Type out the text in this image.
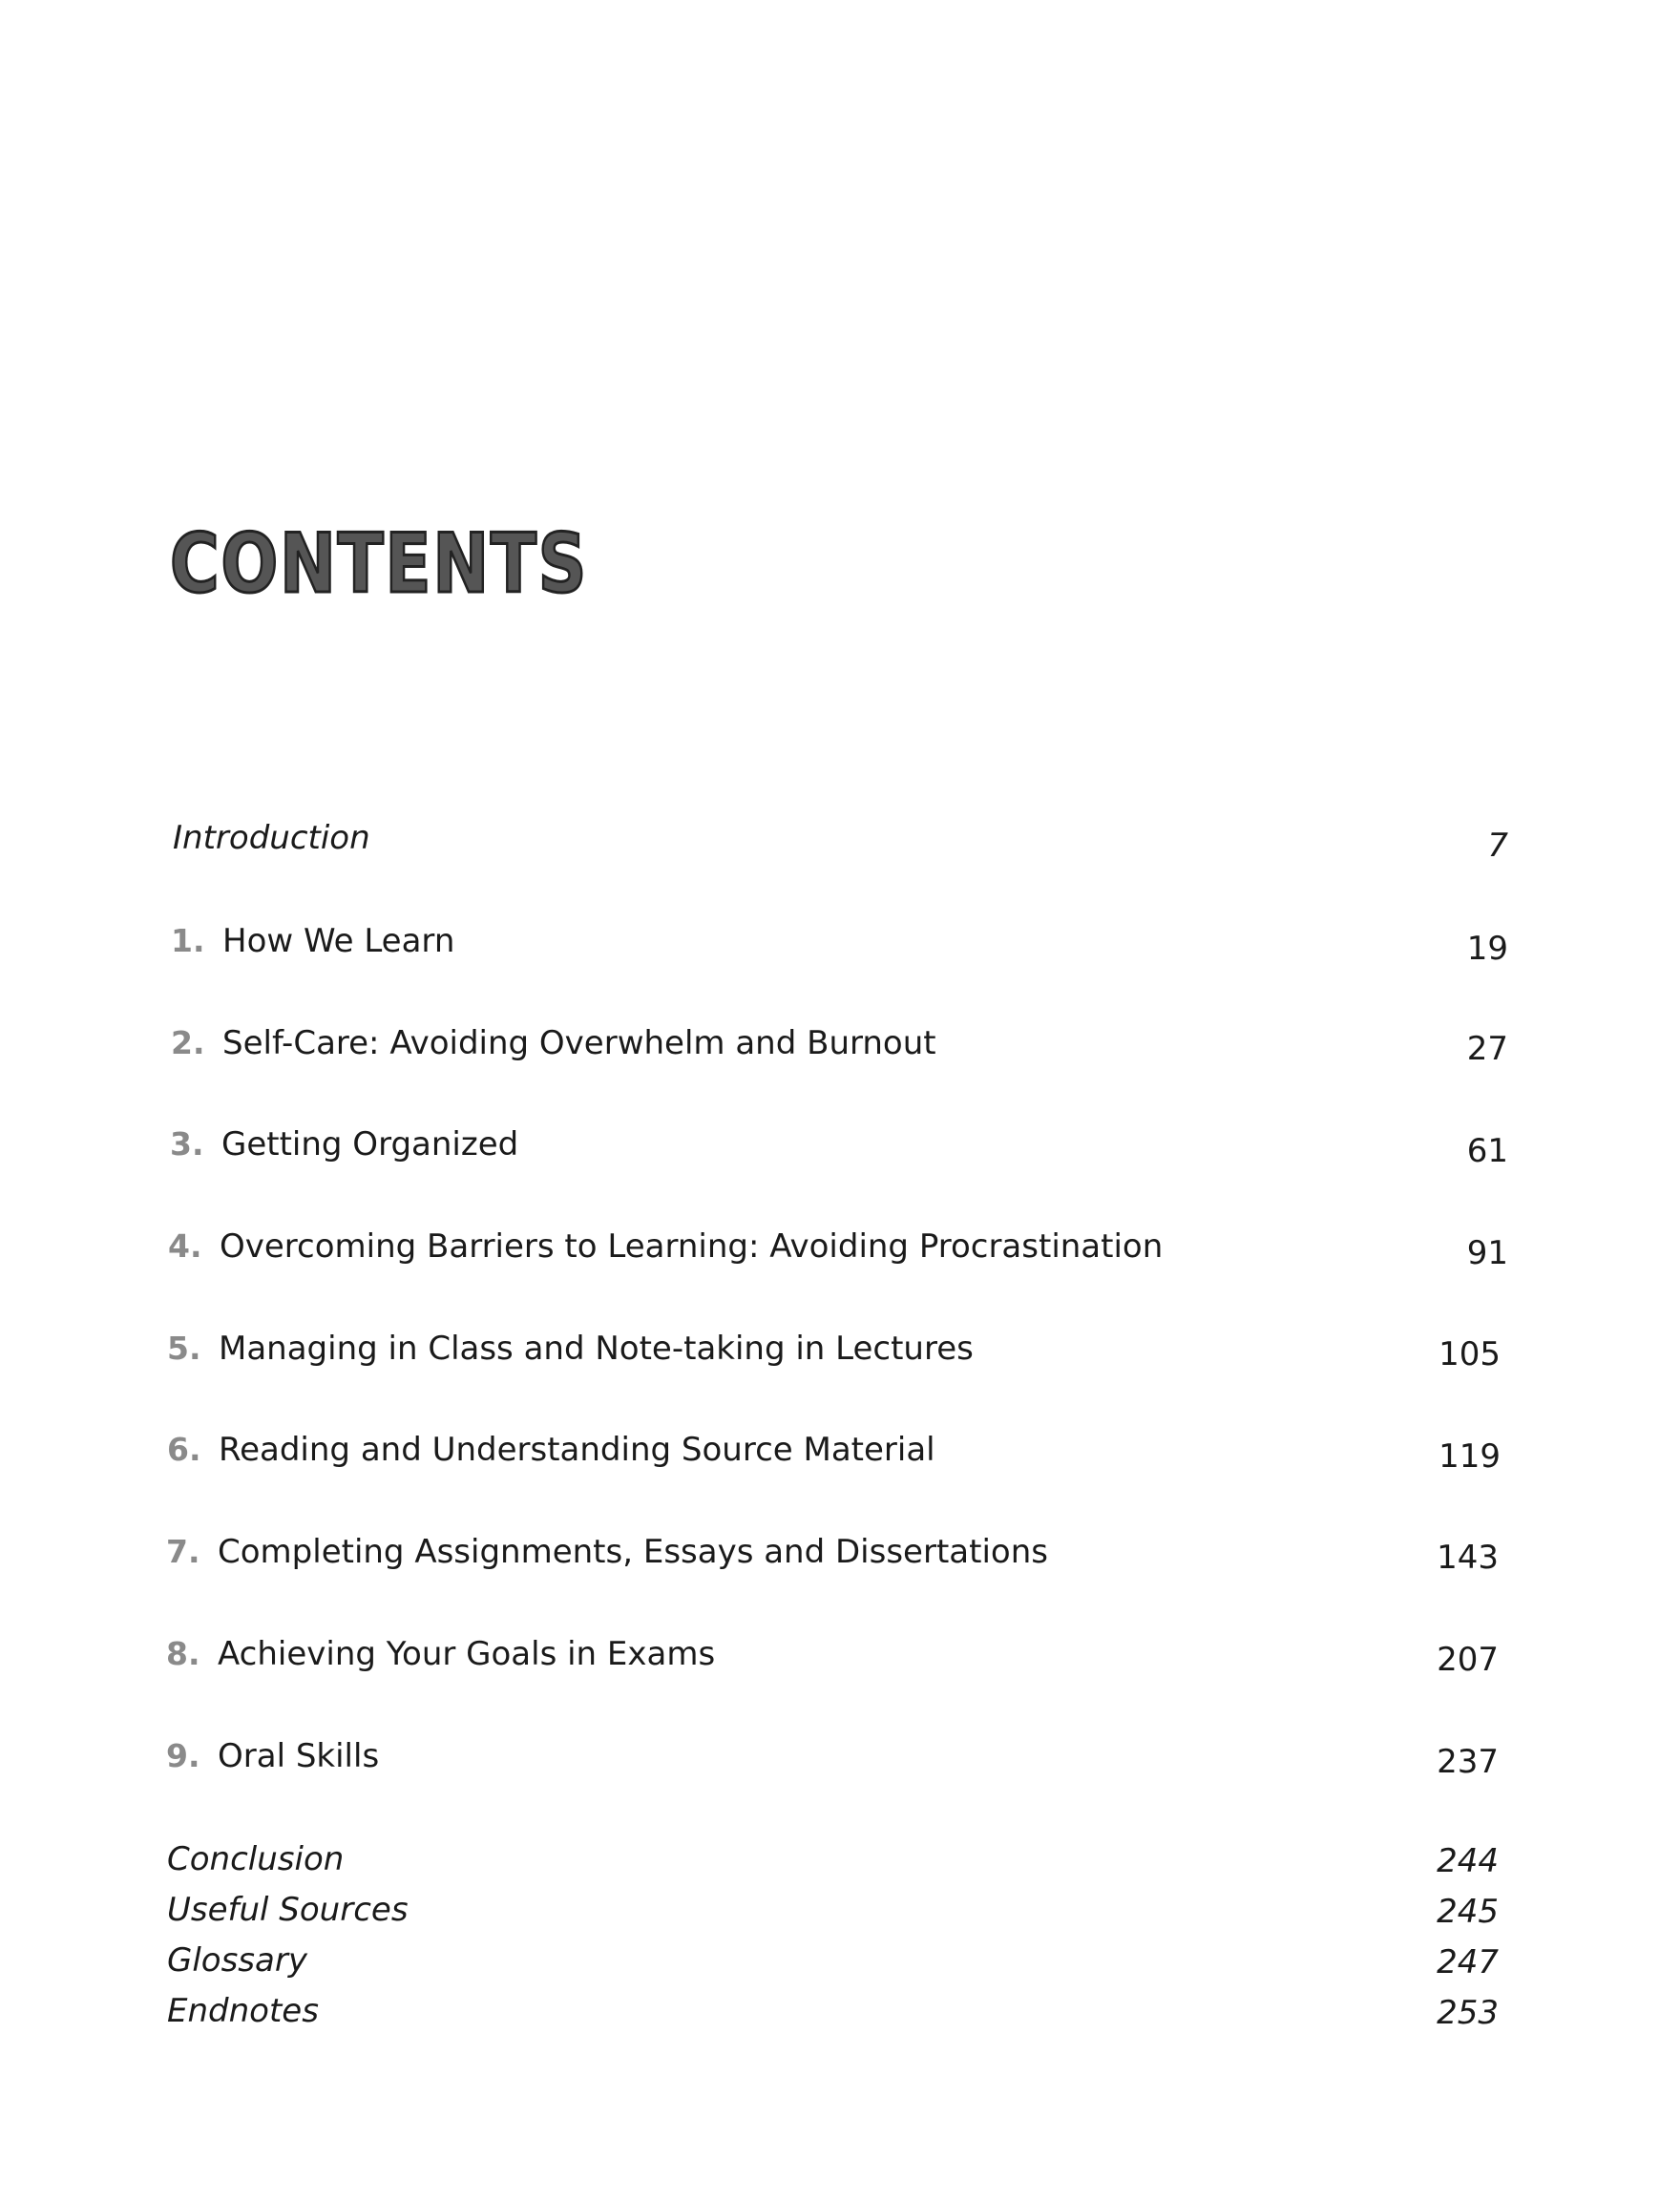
CONTENTS
Introduction	7
1. How We Learn	19
2. Self-Care: Avoiding Overwhelm and Burnout	27
3. Getting Organized	61
4. Overcoming Barriers to Learning: Avoiding Procrastination	91
5. Managing in Class and Note-taking in Lectures	105
6. Reading and Understanding Source Material	119
7. Completing Assignments, Essays and Dissertations	143
8. Achieving Your Goals in Exams	207
9. Oral Skills	237
Conclusion	244
Useful Sources	245
Glossary	247
Endnotes	253
